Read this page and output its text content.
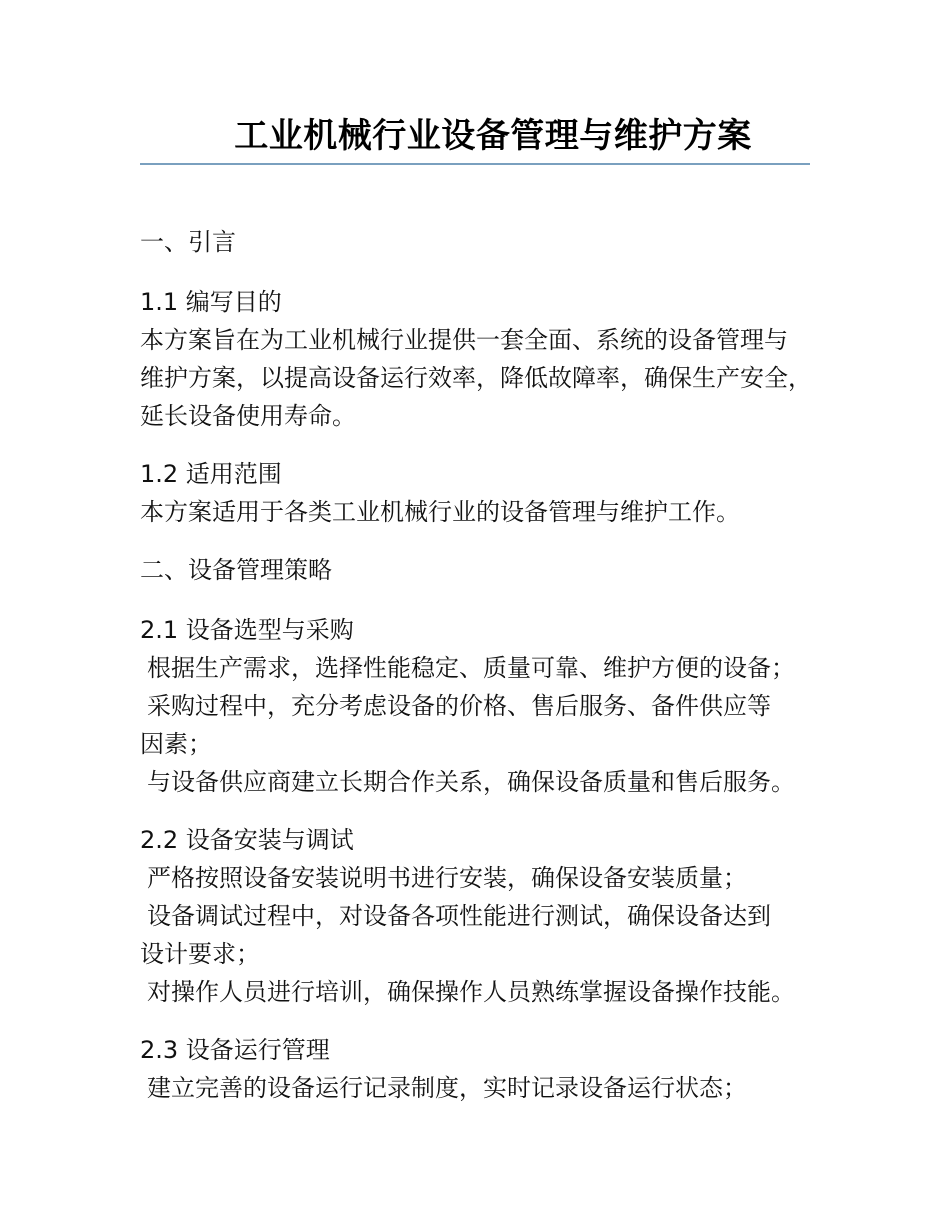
工业机械行业设备管理与维护方案

一、引言

1.1 编写目的

本方案旨在为工业机械行业提供一套全面、系统的设备管理与

维护方案，以提高设备运行效率，降低故障率，确保生产安全，

延长设备使用寿命。

1.2 适用范围

本方案适用于各类工业机械行业的设备管理与维护工作。

二、设备管理策略

2.1 设备选型与采购

根据生产需求，选择性能稳定、质量可靠、维护方便的设备；

采购过程中，充分考虑设备的价格、售后服务、备件供应等

因素；

与设备供应商建立长期合作关系，确保设备质量和售后服务。

2.2 设备安装与调试

严格按照设备安装说明书进行安装，确保设备安装质量；

设备调试过程中，对设备各项性能进行测试，确保设备达到

设计要求；

对操作人员进行培训，确保操作人员熟练掌握设备操作技能。

2.3 设备运行管理

建立完善的设备运行记录制度，实时记录设备运行状态；
